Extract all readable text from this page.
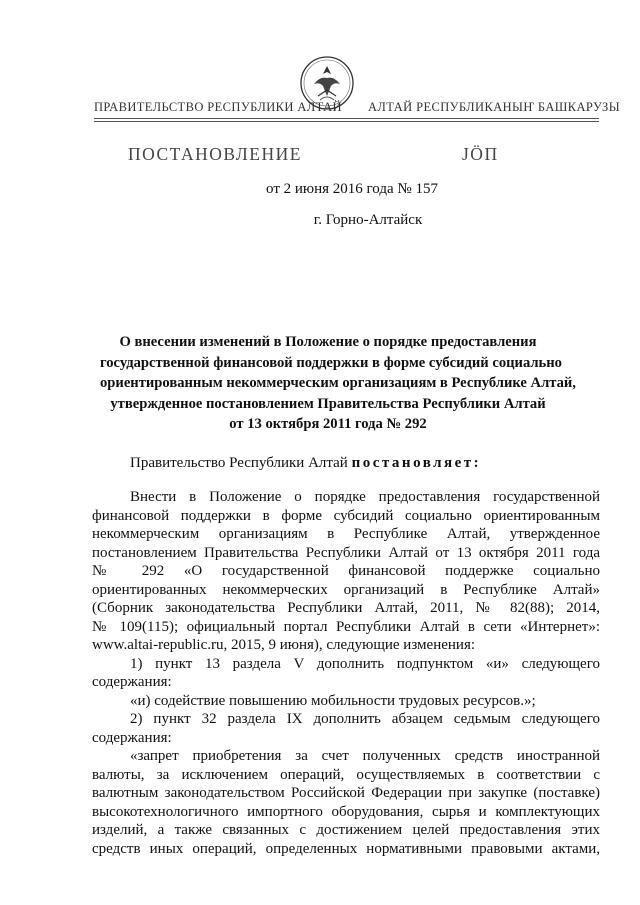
ПРАВИТЕЛЬСТВО РЕСПУБЛИКИ АЛТАЙ АЛТАЙ РЕСПУБЛИКАНЫҤ БАШКАРУЗЫ
ПОСТАНОВЛЕНИЕ	ЈÖП
от 2 июня 2016 года № 157
г. Горно-Алтайск
О внесении изменений в Положение о порядке предоставления
государственной финансовой поддержки в форме субсидий социально
ориентированным некоммерческим организациям в Республике Алтай,
утвержденное постановлением Правительства Республики Алтай
от 13 октября 2011 года № 292
Правительство Республики Алтай постановляет:
Внести в Положение о порядке предоставления государственной
финансовой поддержки в форме субсидий социально ориентированным
некоммерческим организациям в Республике Алтай, утвержденное
постановлением Правительства Республики Алтай от 13 октября 2011 года
№ 292 «О государственной финансовой поддержке социально
ориентированных некоммерческих организаций в Республике Алтай»
(Сборник законодательства Республики Алтай, 2011, № 82(88); 2014,
№ 109(115); официальный портал Республики Алтай в сети «Интернет»:
www.altai-republic.ru, 2015, 9 июня), следующие изменения:
1) пункт 13 раздела V дополнить подпунктом «и» следующего
содержания:
«и) содействие повышению мобильности трудовых ресурсов.»;
2) пункт 32 раздела IX дополнить абзацем седьмым следующего
содержания:
«запрет приобретения за счет полученных средств иностранной
валюты, за исключением операций, осуществляемых в соответствии с
валютным законодательством Российской Федерации при закупке (поставке)
высокотехнологичного импортного оборудования, сырья и комплектующих
изделий, а также связанных с достижением целей предоставления этих
средств иных операций, определенных нормативными правовыми актами,
